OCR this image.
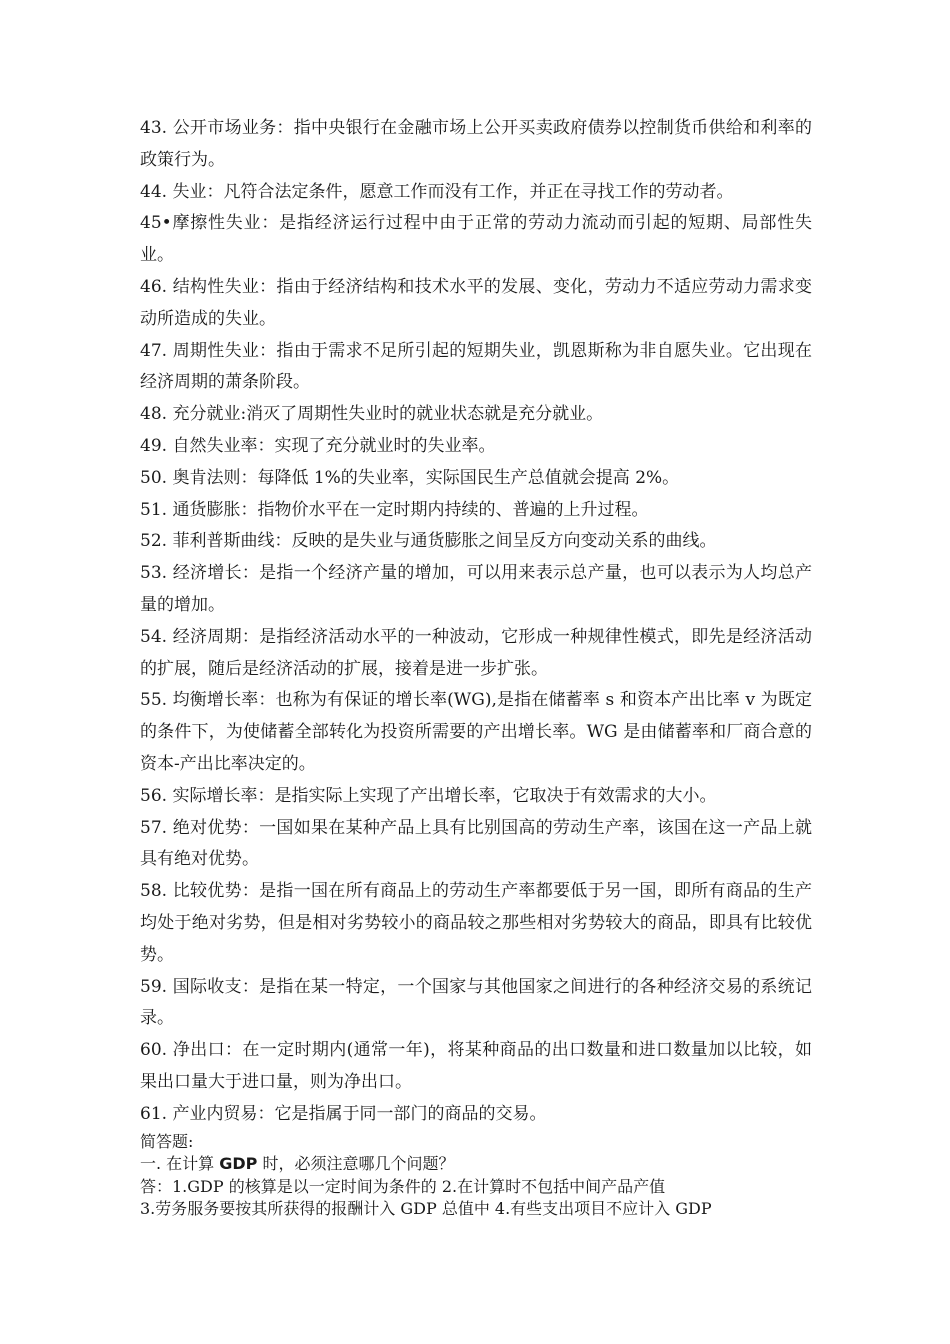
43. 公开市场业务：指中央银行在金融市场上公开买卖政府债券以控制货币供给和利率的政策行为。

44. 失业：凡符合法定条件，愿意工作而没有工作，并正在寻找工作的劳动者。

45•摩擦性失业：是指经济运行过程中由于正常的劳动力流动而引起的短期、局部性失业。

46. 结构性失业：指由于经济结构和技术水平的发展、变化，劳动力不适应劳动力需求变动所造成的失业。

47. 周期性失业：指由于需求不足所引起的短期失业，凯恩斯称为非自愿失业。它出现在经济周期的萧条阶段。

48. 充分就业:消灭了周期性失业时的就业状态就是充分就业。

49. 自然失业率：实现了充分就业时的失业率。

50. 奥肯法则：每降低 1%的失业率，实际国民生产总值就会提高 2%。

51. 通货膨胀：指物价水平在一定时期内持续的、普遍的上升过程。

52. 菲利普斯曲线：反映的是失业与通货膨胀之间呈反方向变动关系的曲线。

53. 经济增长：是指一个经济产量的增加，可以用来表示总产量，也可以表示为人均总产量的增加。

54. 经济周期：是指经济活动水平的一种波动，它形成一种规律性模式，即先是经济活动的扩展，随后是经济活动的扩展，接着是进一步扩张。

55. 均衡增长率：也称为有保证的增长率(WG),是指在储蓄率 s 和资本产出比率 v 为既定的条件下，为使储蓄全部转化为投资所需要的产出增长率。WG 是由储蓄率和厂商合意的资本-产出比率决定的。

56. 实际增长率：是指实际上实现了产出增长率，它取决于有效需求的大小。

57. 绝对优势：一国如果在某种产品上具有比别国高的劳动生产率，该国在这一产品上就具有绝对优势。

58. 比较优势：是指一国在所有商品上的劳动生产率都要低于另一国，即所有商品的生产均处于绝对劣势，但是相对劣势较小的商品较之那些相对劣势较大的商品，即具有比较优势。

59. 国际收支：是指在某一特定，一个国家与其他国家之间进行的各种经济交易的系统记录。

60. 净出口：在一定时期内(通常一年)，将某种商品的出口数量和进口数量加以比较，如果出口量大于进口量，则为净出口。

61. 产业内贸易：它是指属于同一部门的商品的交易。

简答题:

一. 在计算 GDP 时，必须注意哪几个问题？

答：1.GDP 的核算是以一定时间为条件的 2.在计算时不包括中间产品产值

3.劳务服务要按其所获得的报酬计入 GDP 总值中 4.有些支出项目不应计入 GDP
